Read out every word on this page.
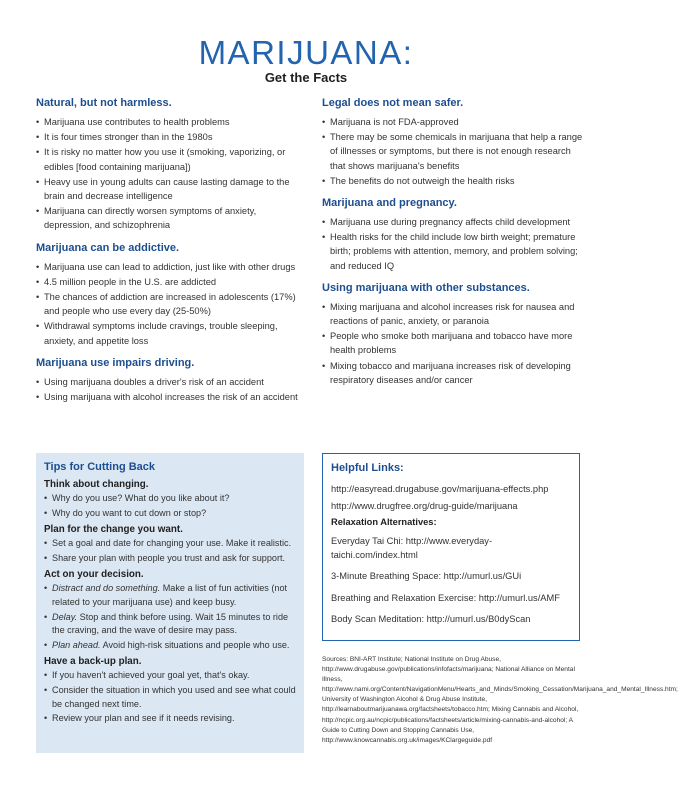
MARIJUANA:
Get the Facts
Natural, but not harmless.
• Marijuana use contributes to health problems
• It is four times stronger than in the 1980s
• It is risky no matter how you use it (smoking, vaporizing, or edibles [food containing marijuana])
• Heavy use in young adults can cause lasting damage to the brain and decrease intelligence
• Marijuana can directly worsen symptoms of anxiety, depression, and schizophrenia
Marijuana can be addictive.
• Marijuana use can lead to addiction, just like with other drugs
• 4.5 million people in the U.S. are addicted
• The chances of addiction are increased in adolescents (17%) and people who use every day (25-50%)
• Withdrawal symptoms include cravings, trouble sleeping, anxiety, and appetite loss
Marijuana use impairs driving.
• Using marijuana doubles a driver's risk of an accident
• Using marijuana with alcohol increases the risk of an accident
Legal does not mean safer.
• Marijuana is not FDA-approved
• There may be some chemicals in marijuana that help a range of illnesses or symptoms, but there is not enough research that shows marijuana's benefits
• The benefits do not outweigh the health risks
Marijuana and pregnancy.
• Marijuana use during pregnancy affects child development
• Health risks for the child include low birth weight; premature birth; problems with attention, memory, and problem solving; and reduced IQ
Using marijuana with other substances.
• Mixing marijuana and alcohol increases risk for nausea and reactions of panic, anxiety, or paranoia
• People who smoke both marijuana and tobacco have more health problems
• Mixing tobacco and marijuana increases risk of developing respiratory diseases and/or cancer
Tips for Cutting Back
Think about changing.
• Why do you use? What do you like about it?
• Why do you want to cut down or stop?
Plan for the change you want.
• Set a goal and date for changing your use. Make it realistic.
• Share your plan with people you trust and ask for support.
Act on your decision.
• Distract and do something. Make a list of fun activities (not related to your marijuana use) and keep busy.
• Delay. Stop and think before using. Wait 15 minutes to ride the craving, and the wave of desire may pass.
• Plan ahead. Avoid high-risk situations and people who use.
Have a back-up plan.
• If you haven't achieved your goal yet, that's okay.
• Consider the situation in which you used and see what could be changed next time.
• Review your plan and see if it needs revising.
Helpful Links:
http://easyread.drugabuse.gov/marijuana-effects.php
http://www.drugfree.org/drug-guide/marijuana
Relaxation Alternatives:
Everyday Tai Chi: http://www.everyday-taichi.com/index.html
3-Minute Breathing Space: http://umurl.us/GUi
Breathing and Relaxation Exercise: http://umurl.us/AMF
Body Scan Meditation: http://umurl.us/B0dyScan
Sources: BNI-ART Institute; National Institute on Drug Abuse, http://www.drugabuse.gov/publications/infofacts/marijuana; National Alliance on Mental Illness, http://www.nami.org/Content/NavigationMenu/Hearts_and_Minds/Smoking_Cessation/Marijuana_and_Mental_Illness.htm; University of Washington Alcohol & Drug Abuse Institute, http://learnaboutmarijuanawa.org/factsheets/tobacco.htm; Mixing Cannabis and Alcohol, http://ncpic.org.au/ncpic/publications/factsheets/article/mixing-cannabis-and-alcohol; A Guide to Cutting Down and Stopping Cannabis Use, http://www.knowcannabis.org.uk/images/KClargeguide.pdf
